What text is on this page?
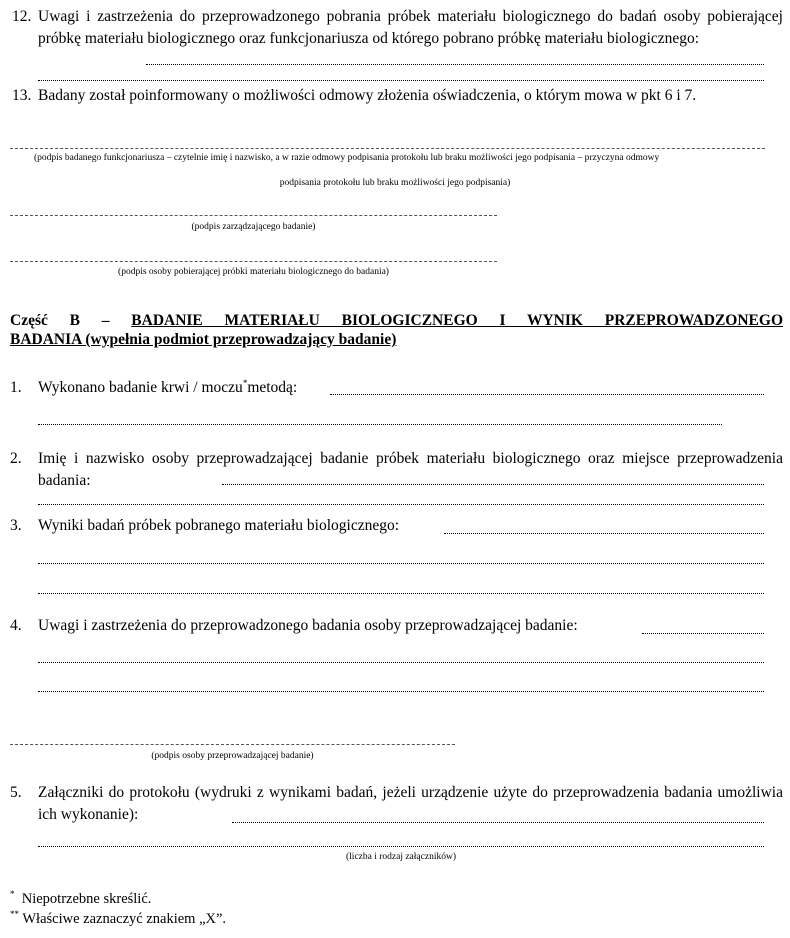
12. Uwagi i zastrzeżenia do przeprowadzonego pobrania próbek materiału biologicznego do badań osoby pobierającej próbkę materiału biologicznego oraz funkcjonariusza od którego pobrano próbkę materiału biologicznego:
13. Badany został poinformowany o możliwości odmowy złożenia oświadczenia, o którym mowa w pkt 6 i 7.
(podpis badanego funkcjonariusza – czytelnie imię i nazwisko, a w razie odmowy podpisania protokołu lub braku możliwości jego podpisania – przyczyna odmowy
podpisania protokołu lub braku możliwości jego podpisania)
(podpis zarządzającego badanie)
(podpis osoby pobierającej próbki materiału biologicznego do badania)
Część B – BADANIE MATERIAŁU BIOLOGICZNEGO I WYNIK PRZEPROWADZONEGO
BADANIA (wypełnia podmiot przeprowadzający badanie)
1. Wykonano badanie krwi / moczu*metodą:
2. Imię i nazwisko osoby przeprowadzającej badanie próbek materiału biologicznego oraz miejsce przeprowadzenia badania:
3. Wyniki badań próbek pobranego materiału biologicznego:
4. Uwagi i zastrzeżenia do przeprowadzonego badania osoby przeprowadzającej badanie:
(podpis osoby przeprowadzającej badanie)
5. Załączniki do protokołu (wydruki z wynikami badań, jeżeli urządzenie użyte do przeprowadzenia badania umożliwia ich wykonanie):
(liczba i rodzaj załączników)
* Niepotrzebne skreślić.
** Właściwe zaznaczyć znakiem „X”.
